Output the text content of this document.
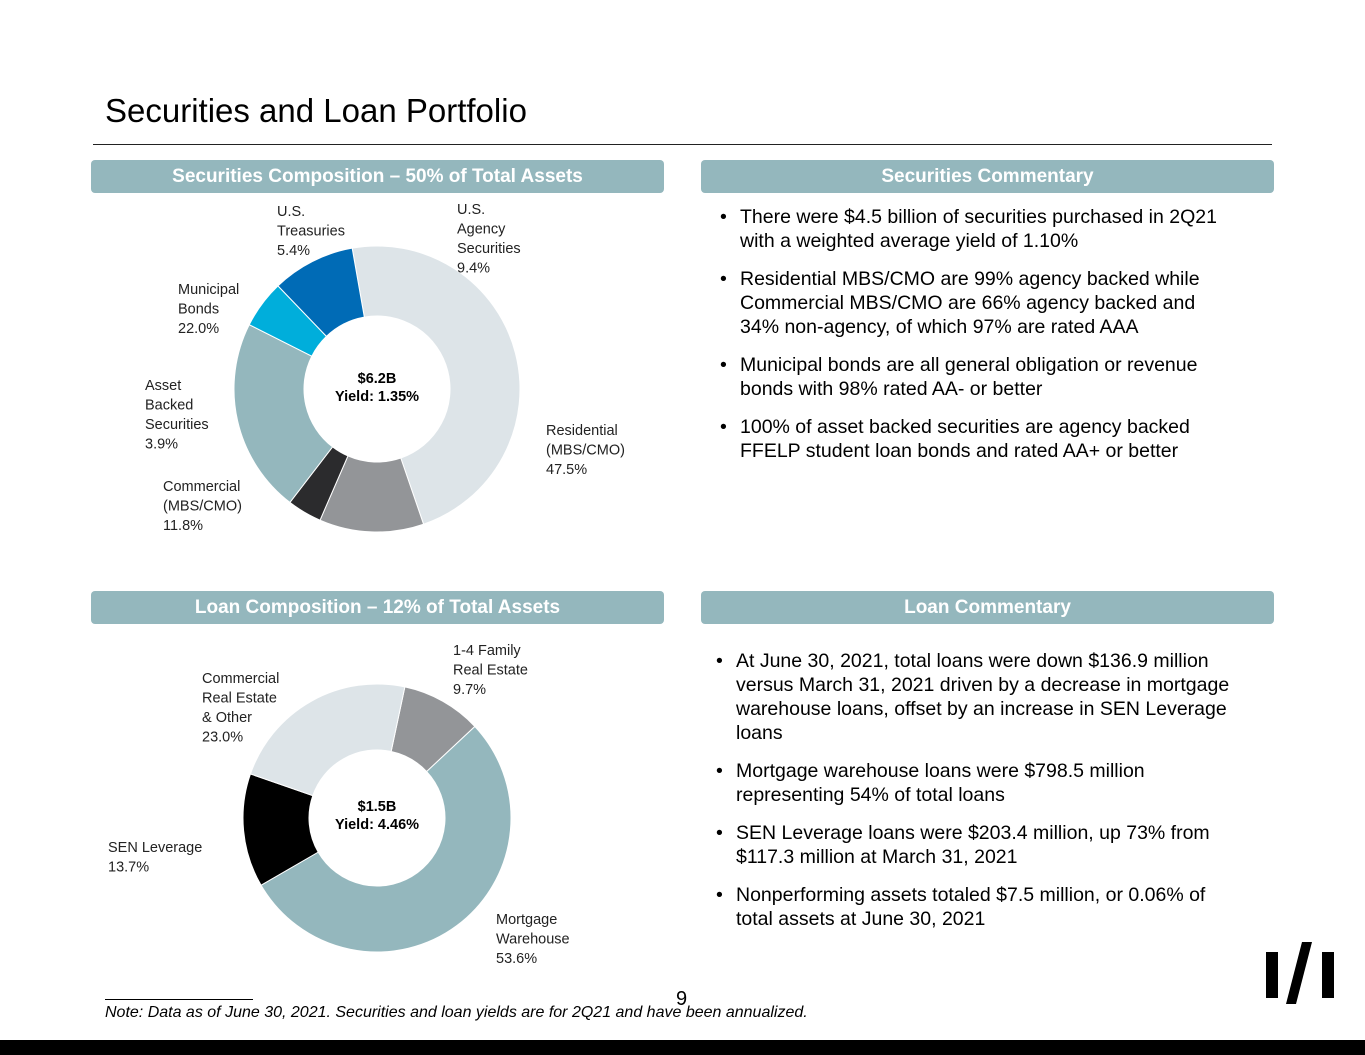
Securities and Loan Portfolio
Securities Composition – 50% of Total Assets
$6.2B
Yield: 1.35%
Residential (MBS/CMO) 47.5%
Commercial (MBS/CMO) 11.8%
Asset Backed Securities 3.9%
Municipal Bonds 22.0%
U.S. Treasuries 5.4%
U.S. Agency Securities 9.4%
Securities Commentary
• There were $4.5 billion of securities purchased in 2Q21
with a weighted average yield of 1.10%
• Residential MBS/CMO are 99% agency backed while
Commercial MBS/CMO are 66% agency backed and
34% non-agency, of which 97% are rated AAA
• Municipal bonds are all general obligation or revenue
bonds with 98% rated AA- or better
• 100% of asset backed securities are agency backed
FFELP student loan bonds and rated AA+ or better
Loan Composition – 12% of Total Assets
$1.5B
Yield: 4.46%
1-4 Family Real Estate 9.7%
Mortgage Warehouse 53.6%
SEN Leverage 13.7%
Commercial Real Estate & Other 23.0%
Loan Commentary
• At June 30, 2021, total loans were down $136.9 million
versus March 31, 2021 driven by a decrease in mortgage
warehouse loans, offset by an increase in SEN Leverage
loans
• Mortgage warehouse loans were $798.5 million
representing 54% of total loans
• SEN Leverage loans were $203.4 million, up 73% from
$117.3 million at March 31, 2021
• Nonperforming assets totaled $7.5 million, or 0.06% of
total assets at June 30, 2021
Note: Data as of June 30, 2021. Securities and loan yields are for 2Q21 and have been annualized.
9
